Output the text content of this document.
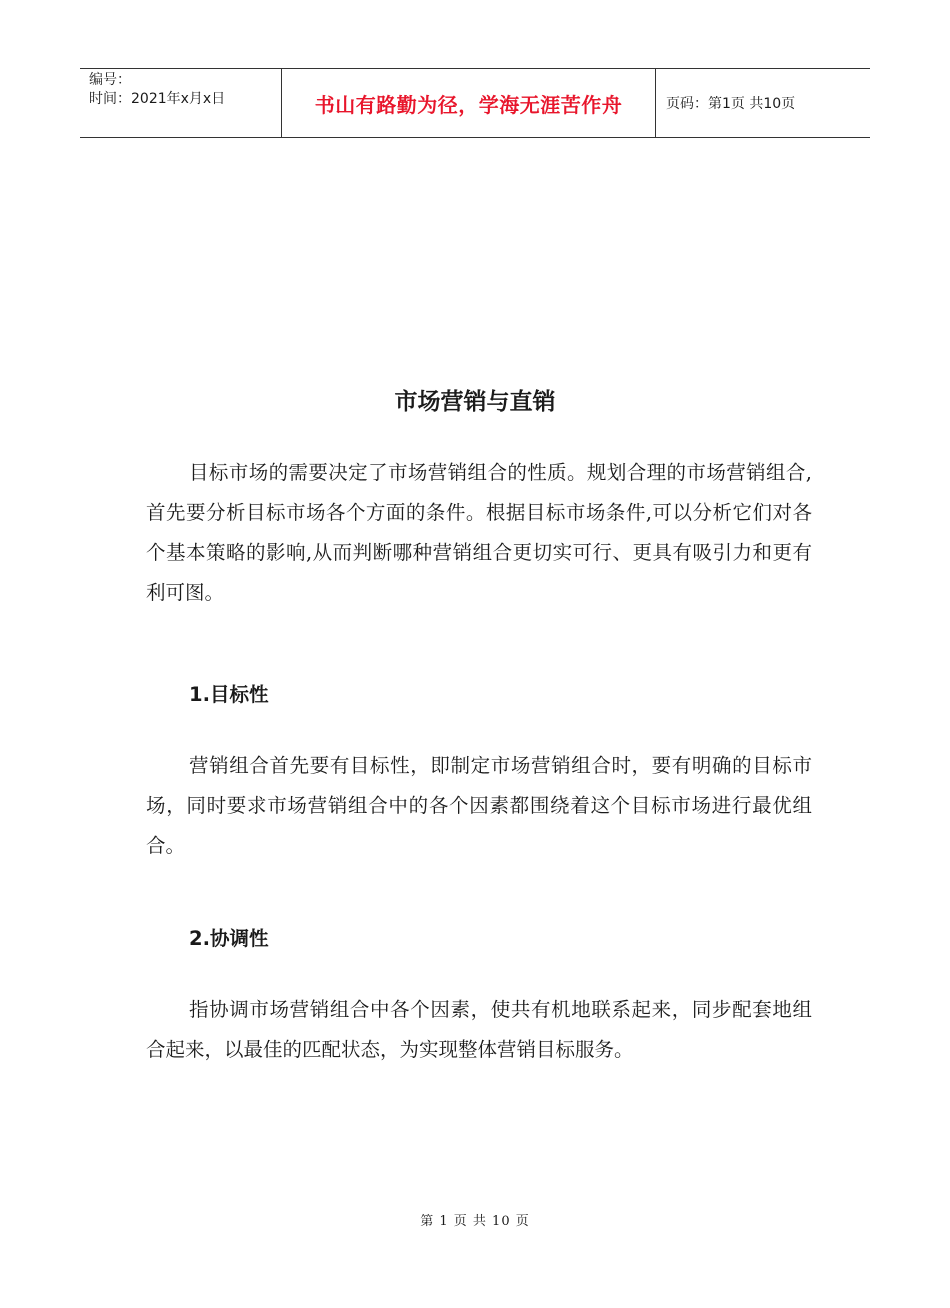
编号：
时间：2021年x月x日	书山有路勤为径，学海无涯苦作舟	页码：第1页 共10页
市场营销与直销

目标市场的需要决定了市场营销组合的性质。规划合理的市场营销组合,首先要分析目标市场各个方面的条件。根据目标市场条件,可以分析它们对各个基本策略的影响,从而判断哪种营销组合更切实可行、更具有吸引力和更有利可图。

1.目标性

营销组合首先要有目标性，即制定市场营销组合时，要有明确的目标市场，同时要求市场营销组合中的各个因素都围绕着这个目标市场进行最优组合。

2.协调性

指协调市场营销组合中各个因素，使共有机地联系起来，同步配套地组合起来，以最佳的匹配状态，为实现整体营销目标服务。

第 1 页 共 10 页
